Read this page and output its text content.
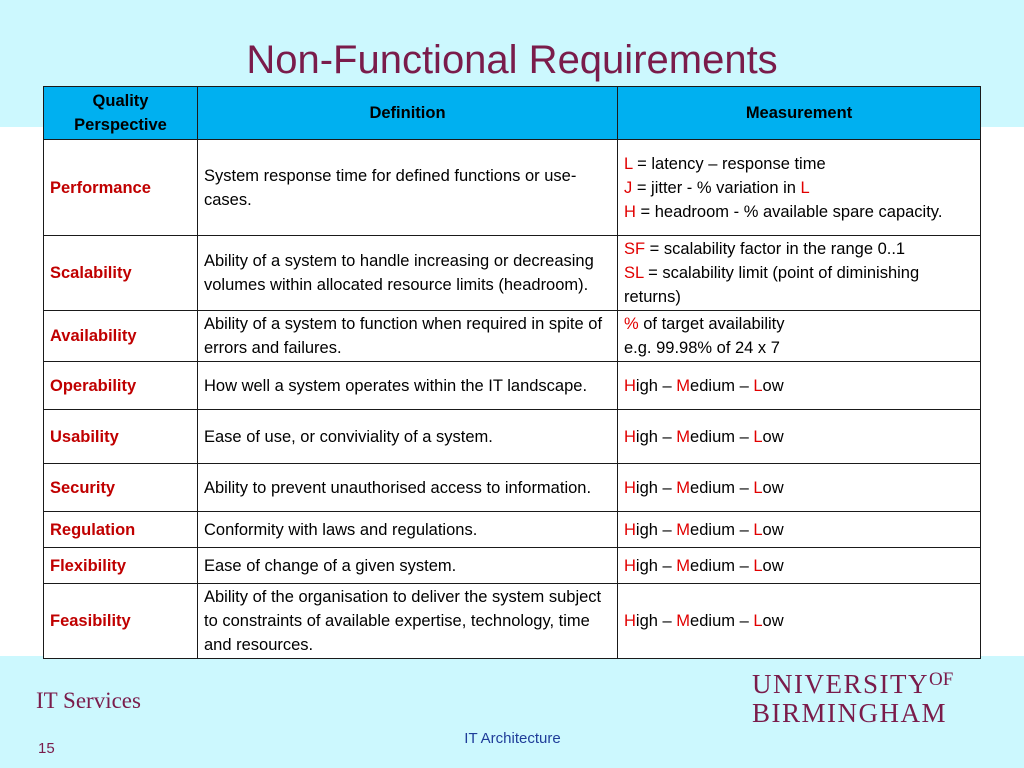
Non-Functional Requirements
Quality Perspective	Definition	Measurement
Performance	System response time for defined functions or use-cases.	L = latency – response time
J = jitter - % variation in L
H = headroom - % available spare capacity.

Scalability	Ability of a system to handle increasing or decreasing volumes within allocated resource limits (headroom).	SF = scalability factor in the range 0..1
SL = scalability limit (point of diminishing returns)

Availability	Ability of a system to function when required in spite of errors and failures.	% of target availability
e.g. 99.98% of 24 x 7

Operability	How well a system operates within the IT landscape.	High – Medium – Low
Usability	Ease of use, or conviviality of a system.	High – Medium – Low
Security	Ability to prevent unauthorised access to information.	High – Medium – Low
Regulation	Conformity with laws and regulations.	High – Medium – Low
Flexibility	Ease of change of a given system.	High – Medium – Low
Feasibility	Ability of the organisation to deliver the system subject to constraints of available expertise, technology, time and resources.	High – Medium – Low
$UNIVERSITY^{OF}$
BIRMINGHAM
IT Services
15
IT Architecture
